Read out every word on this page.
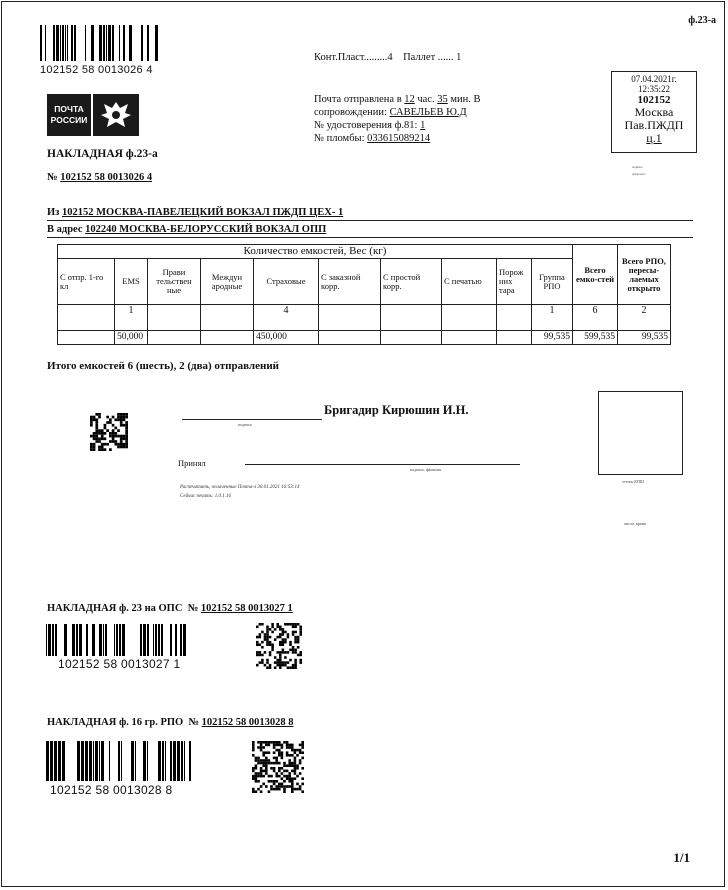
ф.23-а
102152 58 0013026 4
Конт.Пласт.........4 Паллет ...... 1
ПОЧТА
РОССИИ
НАКЛАДНАЯ ф.23-а
№ 102152 58 0013026 4
Почта отправлена в 12 час. 35 мин. В
сопровождении: САВЕЛЬЕВ Ю.Д
№ удостоверения ф.81: 1
№ пломбы: 033615089214
07.04.2021г.
12:35:22
102152
Москва
Пав.ПЖДП
ц.1
подпись
дежурного
Из 102152 МОСКВА-ПАВЕЛЕЦКИЙ ВОКЗАЛ ПЖДП ЦЕХ- 1
В адрес 102240 МОСКВА-БЕЛОРУССКИЙ ВОКЗАЛ ОПП
Количество емкостей, Вес (кг)										Всего емко-стей	Всего РПО, пересы-лаемых открыто
С отпр. 1-го кл	EMS	Прави тельствен ные	Междун ародные	Страховые	С заказной корр.	С простой корр.	С печатью	Порож них тара	Группа РПО		
	1			4					1	6	2
	50,000			450,000					99,535	599,535	99,535
Итого емкостей 6 (шесть), 2 (два) отправлений
подпись
Бригадир Кирюшин И.Н.
Принял
подпись, фамилия
Распечатать, оплаченные Почта-л 30.01.2021 16:53:14
Сейчас печать: 1.0.1.16
оттиск КПШ
число, время
НАКЛАДНАЯ ф. 23 на ОПС № 102152 58 0013027 1
102152 58 0013027 1
НАКЛАДНАЯ ф. 16 гр. РПО № 102152 58 0013028 8
102152 58 0013028 8
1/1
